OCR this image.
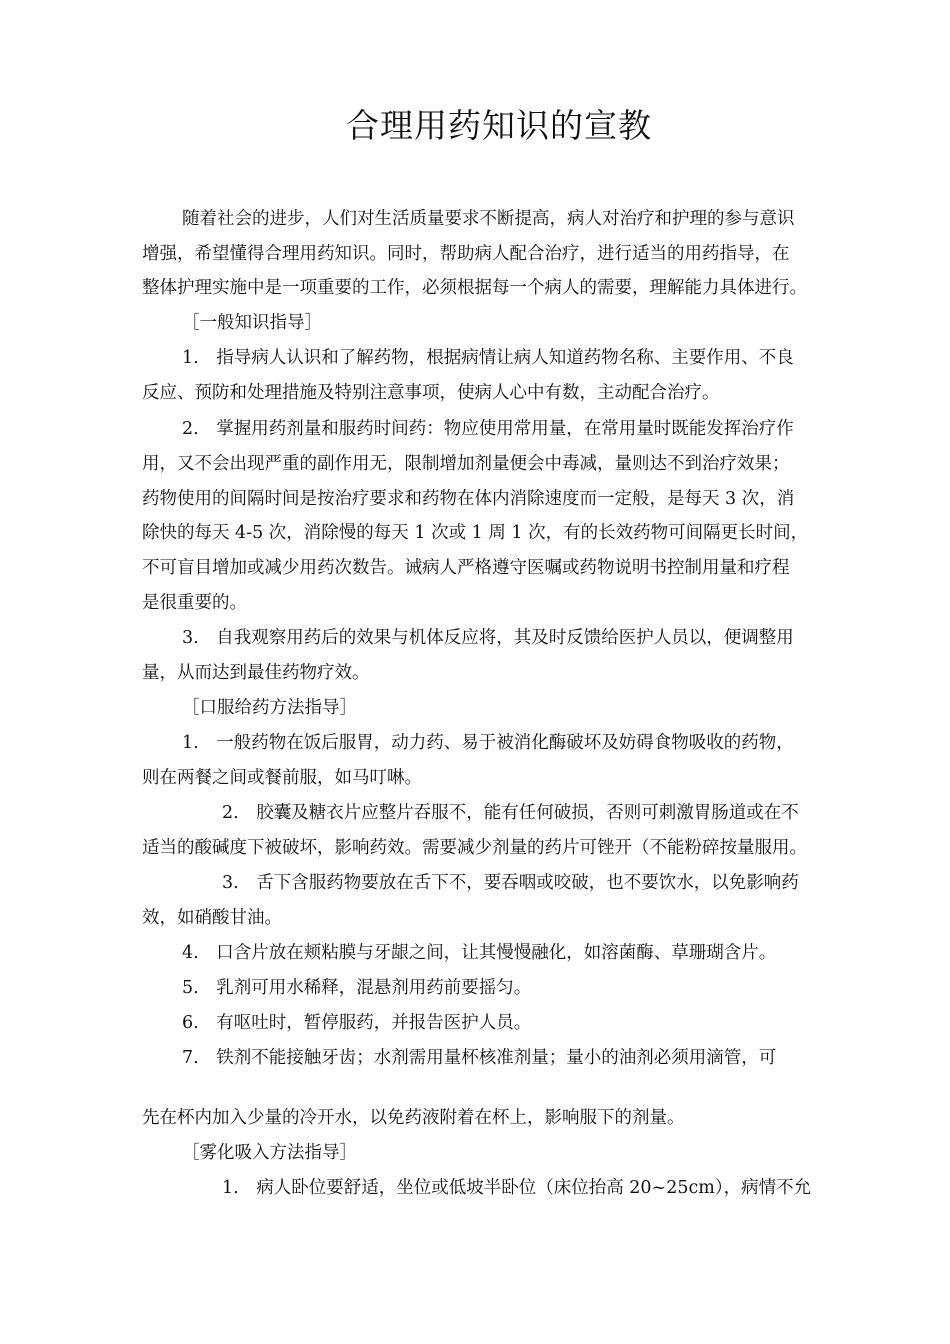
合理用药知识的宣教
随着社会的进步，人们对生活质量要求不断提高，病人对治疗和护理的参与意识
增强，希望懂得合理用药知识。同时，帮助病人配合治疗，进行适当的用药指导，在
整体护理实施中是一项重要的工作，必须根据每一个病人的需要，理解能力具体进行。
［一般知识指导］
1.　指导病人认识和了解药物，根据病情让病人知道药物名称、主要作用、不良
反应、预防和处理措施及特别注意事项，使病人心中有数，主动配合治疗。
2.　掌握用药剂量和服药时间药：物应使用常用量，在常用量时既能发挥治疗作
用，又不会出现严重的副作用无，限制增加剂量便会中毒减，量则达不到治疗效果；
药物使用的间隔时间是按治疗要求和药物在体内消除速度而一定般，是每天 3 次，消
除快的每天 4-5 次，消除慢的每天 1 次或 1 周 1 次，有的长效药物可间隔更长时间，
不可盲目增加或减少用药次数告。诫病人严格遵守医嘱或药物说明书控制用量和疗程
是很重要的。
3.　自我观察用药后的效果与机体反应将，其及时反馈给医护人员以，便调整用
量，从而达到最佳药物疗效。
［口服给药方法指导］
1.　一般药物在饭后服胃，动力药、易于被消化酶破坏及妨碍食物吸收的药物，
则在两餐之间或餐前服，如马叮啉。
2.　胶囊及糖衣片应整片吞服不，能有任何破损，否则可刺激胃肠道或在不
适当的酸碱度下被破坏，影响药效。需要减少剂量的药片可锉开（不能粉碎按量服用。
3.　舌下含服药物要放在舌下不，要吞咽或咬破，也不要饮水，以免影响药
效，如硝酸甘油。
4.　口含片放在颊粘膜与牙龈之间，让其慢慢融化，如溶菌酶、草珊瑚含片。
5.　乳剂可用水稀释，混悬剂用药前要摇匀。
6.　有呕吐时，暂停服药，并报告医护人员。
7.　铁剂不能接触牙齿；水剂需用量杯核准剂量；量小的油剂必须用滴管，可
先在杯内加入少量的冷开水，以免药液附着在杯上，影响服下的剂量。
［雾化吸入方法指导］
1.　病人卧位要舒适，坐位或低坡半卧位（床位抬高 20~25cm），病情不允
